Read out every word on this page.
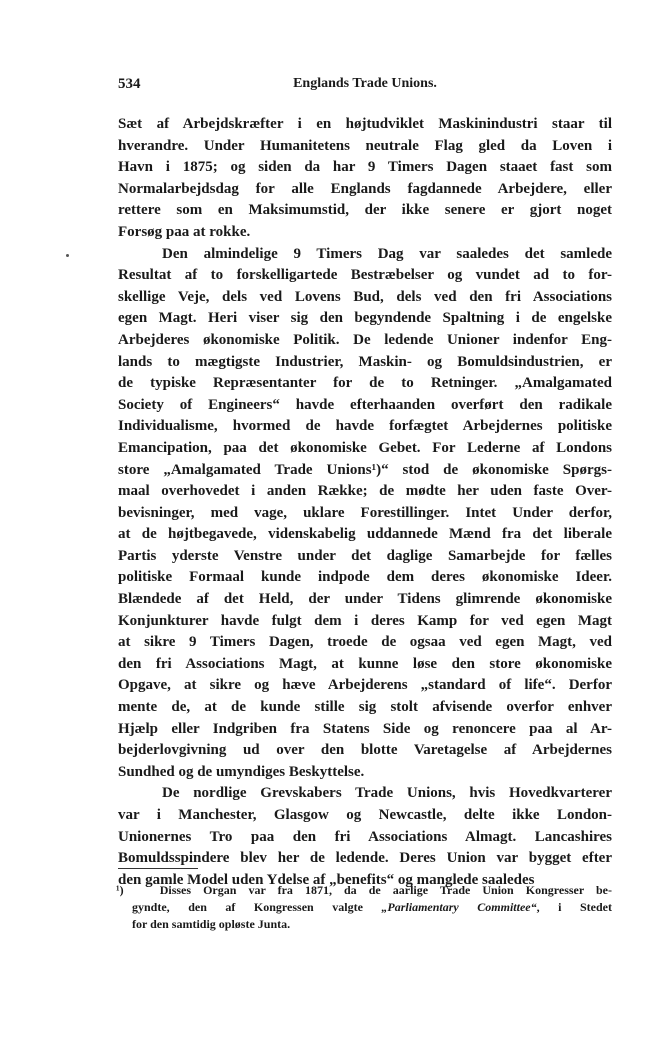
Englands Trade Unions.
534
Sæt af Arbejdskræfter i en højtudviklet Maskinindustri staar til
hverandre. Under Humanitetens neutrale Flag gled da Loven i
Havn i 1875; og siden da har 9 Timers Dagen staaet fast som
Normalarbejdsdag for alle Englands fagdannede Arbejdere, eller
rettere som en Maksimumstid, der ikke senere er gjort noget
Forsøg paa at rokke.
Den almindelige 9 Timers Dag var saaledes det samlede
Resultat af to forskelligartede Bestræbelser og vundet ad to for-
skellige Veje, dels ved Lovens Bud, dels ved den fri Associations
egen Magt. Heri viser sig den begyndende Spaltning i de engelske
Arbejderes økonomiske Politik. De ledende Unioner indenfor Eng-
lands to mægtigste Industrier, Maskin- og Bomuldsindustrien, er
de typiske Repræsentanter for de to Retninger. „Amalgamated
Society of Engineers“ havde efterhaanden overført den radikale
Individualisme, hvormed de havde forfægtet Arbejdernes politiske
Emancipation, paa det økonomiske Gebet. For Lederne af Londons
store „Amalgamated Trade Unions¹)“ stod de økonomiske Spørgs-
maal overhovedet i anden Række; de mødte her uden faste Over-
bevisninger, med vage, uklare Forestillinger. Intet Under derfor,
at de højtbegavede, videnskabelig uddannede Mænd fra det liberale
Partis yderste Venstre under det daglige Samarbejde for fælles
politiske Formaal kunde indpode dem deres økonomiske Ideer.
Blændede af det Held, der under Tidens glimrende økonomiske
Konjunkturer havde fulgt dem i deres Kamp for ved egen Magt
at sikre 9 Timers Dagen, troede de ogsaa ved egen Magt, ved
den fri Associations Magt, at kunne løse den store økonomiske
Opgave, at sikre og hæve Arbejderens „standard of life“. Derfor
mente de, at de kunde stille sig stolt afvisende overfor enhver
Hjælp eller Indgriben fra Statens Side og renoncere paa al Ar-
bejderlovgivning ud over den blotte Varetagelse af Arbejdernes
Sundhed og de umyndiges Beskyttelse.
De nordlige Grevskabers Trade Unions, hvis Hovedkvarterer
var i Manchester, Glasgow og Newcastle, delte ikke London-
Unionernes Tro paa den fri Associations Almagt. Lancashires
Bomuldsspindere blev her de ledende. Deres Union var bygget efter
den gamle Model uden Ydelse af „benefits“ og manglede saaledes
¹)	Disses Organ var fra 1871, da de aarlige Trade Union Kongresser be-
gyndte, den af Kongressen valgte „Parliamentary Committee“, i Stedet
for den samtidig opløste Junta.
